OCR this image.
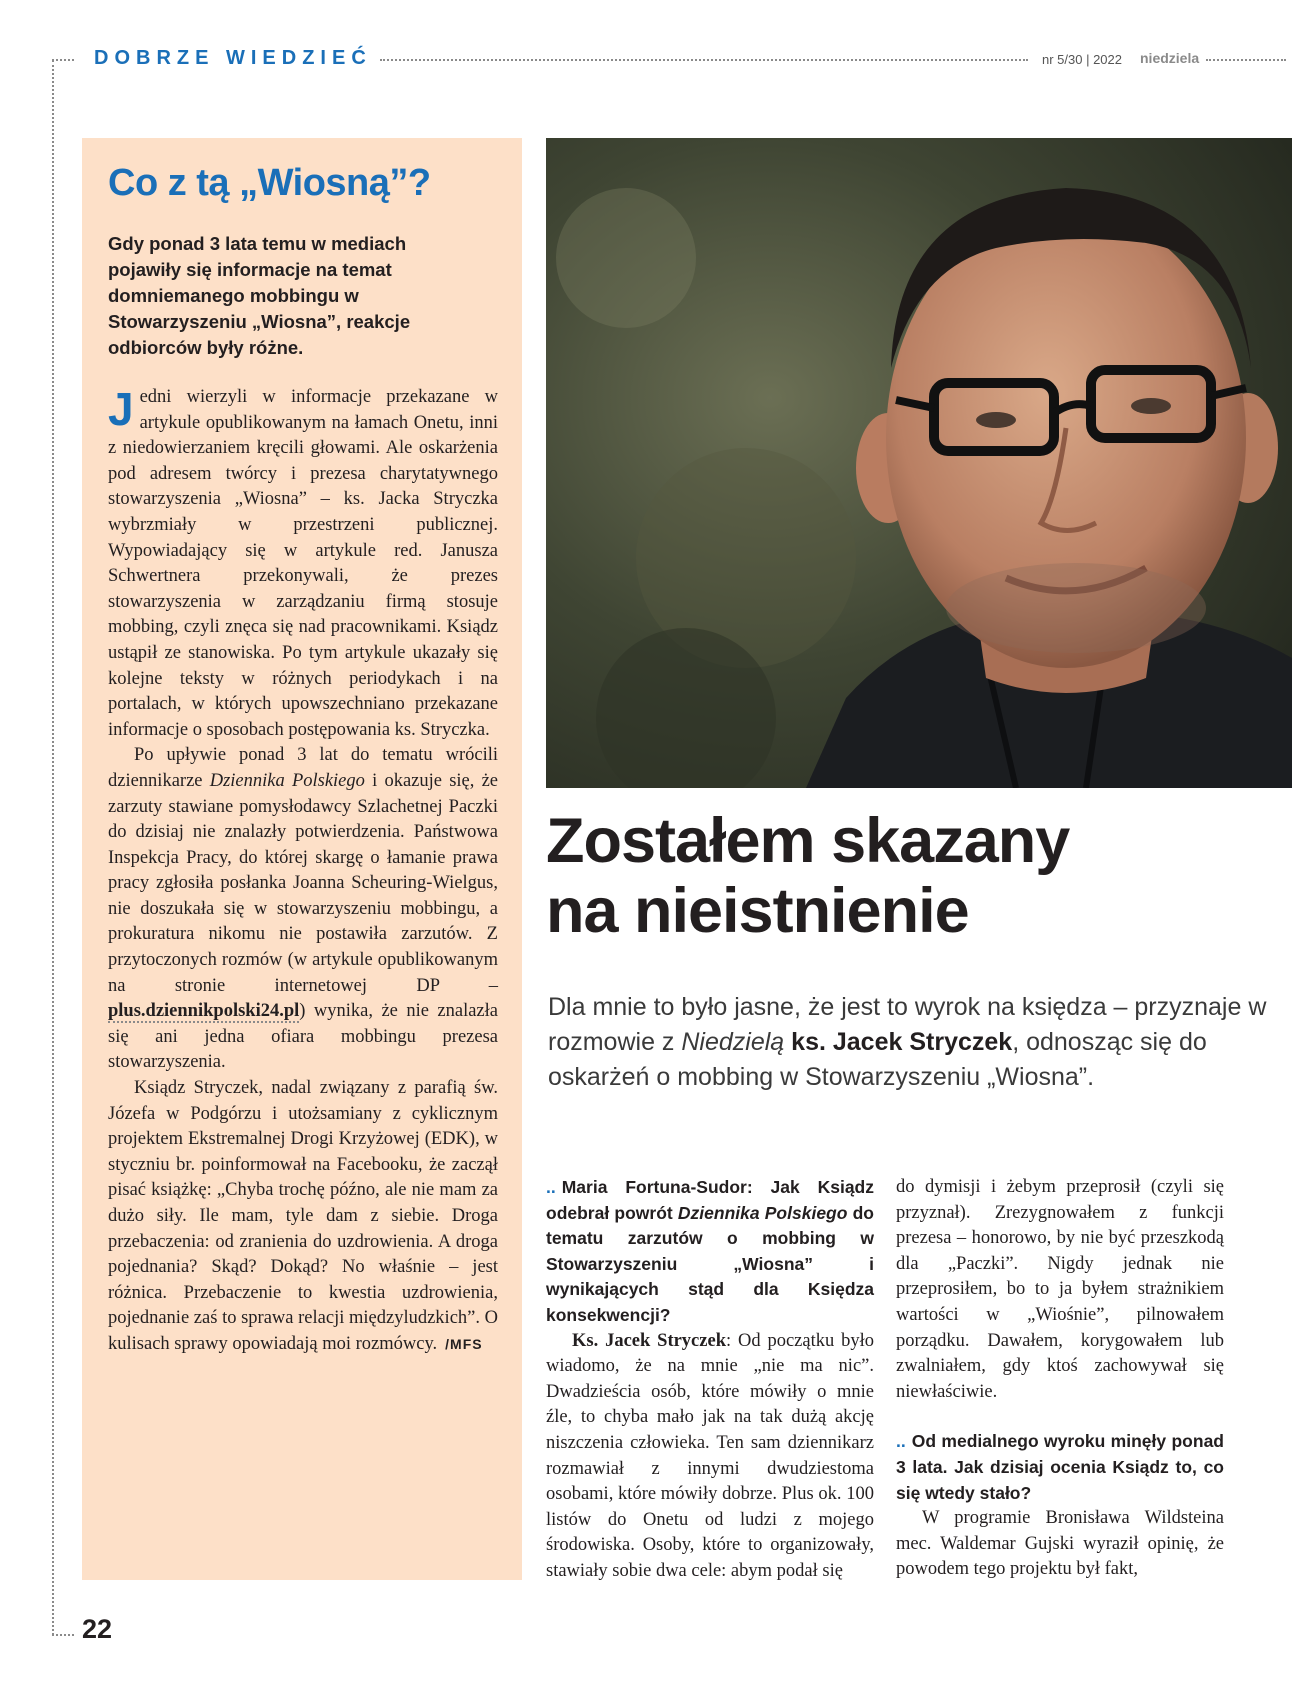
DOBRZE WIEDZIEĆ	nr 5/30 | 2022 niedziela
22
Co z tą „Wiosną”?

Gdy ponad 3 lata temu w mediach pojawiły się informacje na temat domniemanego mobbingu w Stowarzyszeniu „Wiosna”, reakcje odbiorców były różne.

Jedni wierzyli w informacje przekazane w artykule opublikowanym na łamach Onetu, inni z niedowierzaniem kręcili głowami. Ale oskarżenia pod adresem twórcy i prezesa charytatywnego stowarzyszenia „Wiosna” – ks. Jacka Stryczka wybrzmiały w przestrzeni publicznej. Wypowiadający się w artykule red. Janusza Schwertnera przekonywali, że prezes stowarzyszenia w zarządzaniu firmą stosuje mobbing, czyli znęca się nad pracownikami. Ksiądz ustąpił ze stanowiska. Po tym artykule ukazały się kolejne teksty w różnych periodykach i na portalach, w których upowszechniano przekazane informacje o sposobach postępowania ks. Stryczka.

Po upływie ponad 3 lat do tematu wrócili dziennikarze Dziennika Polskiego i okazuje się, że zarzuty stawiane pomysłodawcy Szlachetnej Paczki do dzisiaj nie znalazły potwierdzenia. Państwowa Inspekcja Pracy, do której skargę o łamanie prawa pracy zgłosiła posłanka Joanna Scheuring-Wielgus, nie doszukała się w stowarzyszeniu mobbingu, a prokuratura nikomu nie postawiła zarzutów. Z przytoczonych rozmów (w artykule opublikowanym na stronie internetowej DP – plus.dziennikpolski24.pl) wynika, że nie znalazła się ani jedna ofiara mobbingu prezesa stowarzyszenia.

Ksiądz Stryczek, nadal związany z parafią św. Józefa w Podgórzu i utożsamiany z cyklicznym projektem Ekstremalnej Drogi Krzyżowej (EDK), w styczniu br. poinformował na Facebooku, że zaczął pisać książkę: „Chyba trochę późno, ale nie mam za dużo siły. Ile mam, tyle dam z siebie. Droga przebaczenia: od zranienia do uzdrowienia. A droga pojednania? Skąd? Dokąd? No właśnie – jest różnica. Przebaczenie to kwestia uzdrowienia, pojednanie zaś to sprawa relacji międzyludzkich”. O kulisach sprawy opowiadają moi rozmówcy. /MFS

Zostałem skazany
na nieistnienie

Dla mnie to było jasne, że jest to wyrok na księdza – przyznaje w rozmowie z Niedzielą ks. Jacek Stryczek, odnosząc się do oskarżeń o mobbing w Stowarzyszeniu „Wiosna”.

.. Maria Fortuna-Sudor: Jak Ksiądz odebrał powrót Dziennika Polskiego do tematu zarzutów o mobbing w Stowarzyszeniu „Wiosna” i wynikających stąd dla Księdza konsekwencji?

Ks. Jacek Stryczek: Od początku było wiadomo, że na mnie „nie ma nic”. Dwadzieścia osób, które mówiły o mnie źle, to chyba mało jak na tak dużą akcję niszczenia człowieka. Ten sam dziennikarz rozmawiał z innymi dwudziestoma osobami, które mówiły dobrze. Plus ok. 100 listów do Onetu od ludzi z mojego środowiska. Osoby, które to organizowały, stawiały sobie dwa cele: abym podał się

do dymisji i żebym przeprosił (czyli się przyznał). Zrezygnowałem z funkcji prezesa – honorowo, by nie być przeszkodą dla „Paczki”. Nigdy jednak nie przeprosiłem, bo to ja byłem strażnikiem wartości w „Wiośnie”, pilnowałem porządku. Dawałem, korygowałem lub zwalniałem, gdy ktoś zachowywał się niewłaściwie.

.. Od medialnego wyroku minęły ponad 3 lata. Jak dzisiaj ocenia Ksiądz to, co się wtedy stało?

W programie Bronisława Wildsteina mec. Waldemar Gujski wyraził opinię, że powodem tego projektu był fakt,
